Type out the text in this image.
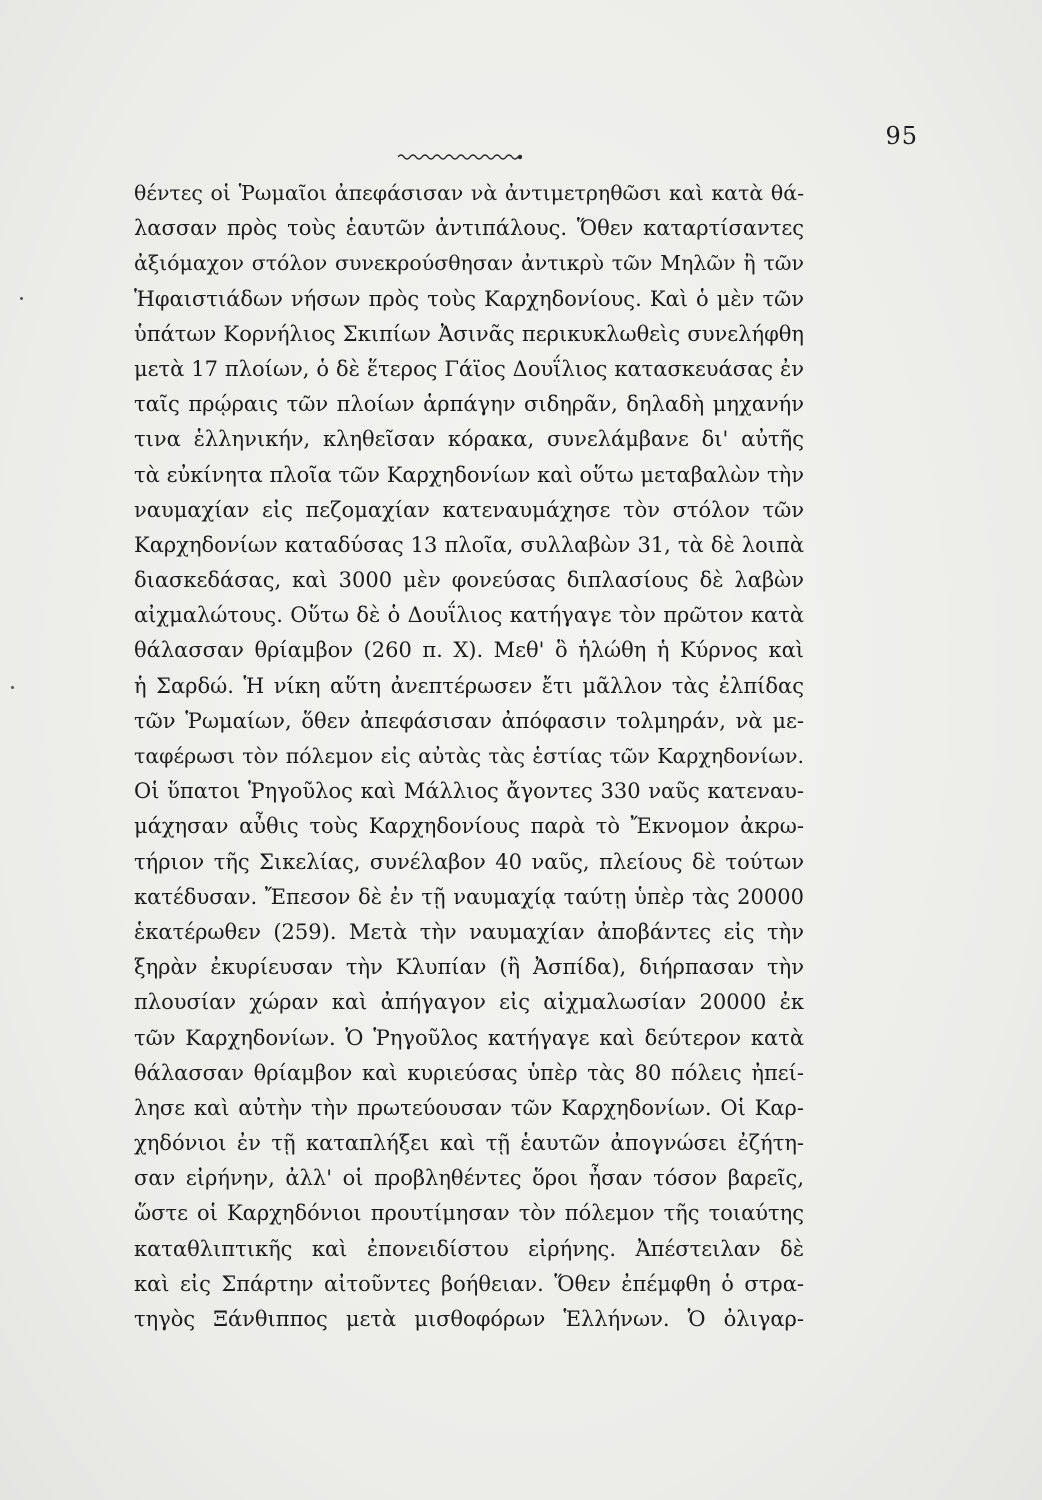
95
θέντες οἱ Ῥωμαῖοι ἀπεφάσισαν νὰ ἀντιμετρηθῶσι καὶ κατὰ θά-
λασσαν πρὸς τοὺς ἑαυτῶν ἀντιπάλους. Ὅθεν καταρτίσαντες
ἀξιόμαχον στόλον συνεκρούσθησαν ἀντικρὺ τῶν Μηλῶν ἢ τῶν
Ἡφαιστιάδων νήσων πρὸς τοὺς Καρχηδονίους. Καὶ ὁ μὲν τῶν
ὑπάτων Κορνήλιος Σκιπίων Ἀσινᾶς περικυκλωθεὶς συνελήφθη
μετὰ 17 πλοίων, ὁ δὲ ἕτερος Γάϊος Δουΐλιος κατασκευάσας ἐν
ταῖς πρῴραις τῶν πλοίων ἁρπάγην σιδηρᾶν, δηλαδὴ μηχανήν
τινα ἑλληνικήν, κληθεῖσαν κόρακα, συνελάμβανε δι' αὐτῆς
τὰ εὐκίνητα πλοῖα τῶν Καρχηδονίων καὶ οὕτω μεταβαλὼν τὴν
ναυμαχίαν εἰς πεζομαχίαν κατεναυμάχησε τὸν στόλον τῶν
Καρχηδονίων καταδύσας 13 πλοῖα, συλλαβὼν 31, τὰ δὲ λοιπὰ
διασκεδάσας, καὶ 3000 μὲν φονεύσας διπλασίους δὲ λαβὼν
αἰχμαλώτους. Οὕτω δὲ ὁ Δουΐλιος κατήγαγε τὸν πρῶτον κατὰ
θάλασσαν θρίαμβον (260 π. Χ). Μεθ' ὃ ἡλώθη ἡ Κύρνος καὶ
ἡ Σαρδώ. Ἡ νίκη αὕτη ἀνεπτέρωσεν ἔτι μᾶλλον τὰς ἐλπίδας
τῶν Ῥωμαίων, ὅθεν ἀπεφάσισαν ἀπόφασιν τολμηράν, νὰ με-
ταφέρωσι τὸν πόλεμον εἰς αὐτὰς τὰς ἑστίας τῶν Καρχηδονίων.
Οἱ ὕπατοι Ῥηγοῦλος καὶ Μάλλιος ἄγοντες 330 ναῦς κατεναυ-
μάχησαν αὖθις τοὺς Καρχηδονίους παρὰ τὸ Ἔκνομον ἀκρω-
τήριον τῆς Σικελίας, συνέλαβον 40 ναῦς, πλείους δὲ τούτων
κατέδυσαν. Ἔπεσον δὲ ἐν τῇ ναυμαχίᾳ ταύτῃ ὑπὲρ τὰς 20000
ἑκατέρωθεν (259). Μετὰ τὴν ναυμαχίαν ἀποβάντες εἰς τὴν
ξηρὰν ἐκυρίευσαν τὴν Κλυπίαν (ἢ Ἀσπίδα), διήρπασαν τὴν
πλουσίαν χώραν καὶ ἀπήγαγον εἰς αἰχμαλωσίαν 20000 ἐκ
τῶν Καρχηδονίων. Ὁ Ῥηγοῦλος κατήγαγε καὶ δεύτερον κατὰ
θάλασσαν θρίαμβον καὶ κυριεύσας ὑπὲρ τὰς 80 πόλεις ἠπεί-
λησε καὶ αὐτὴν τὴν πρωτεύουσαν τῶν Καρχηδονίων. Οἱ Καρ-
χηδόνιοι ἐν τῇ καταπλήξει καὶ τῇ ἑαυτῶν ἀπογνώσει ἐζήτη-
σαν εἰρήνην, ἀλλ' οἱ προβληθέντες ὅροι ἦσαν τόσον βαρεῖς,
ὥστε οἱ Καρχηδόνιοι προυτίμησαν τὸν πόλεμον τῆς τοιαύτης
καταθλιπτικῆς καὶ ἐπονειδίστου εἰρήνης. Ἀπέστειλαν δὲ
καὶ εἰς Σπάρτην αἰτοῦντες βοήθειαν. Ὅθεν ἐπέμφθη ὁ στρα-
τηγὸς Ξάνθιππος μετὰ μισθοφόρων Ἑλλήνων. Ὁ ὀλιγαρ-
